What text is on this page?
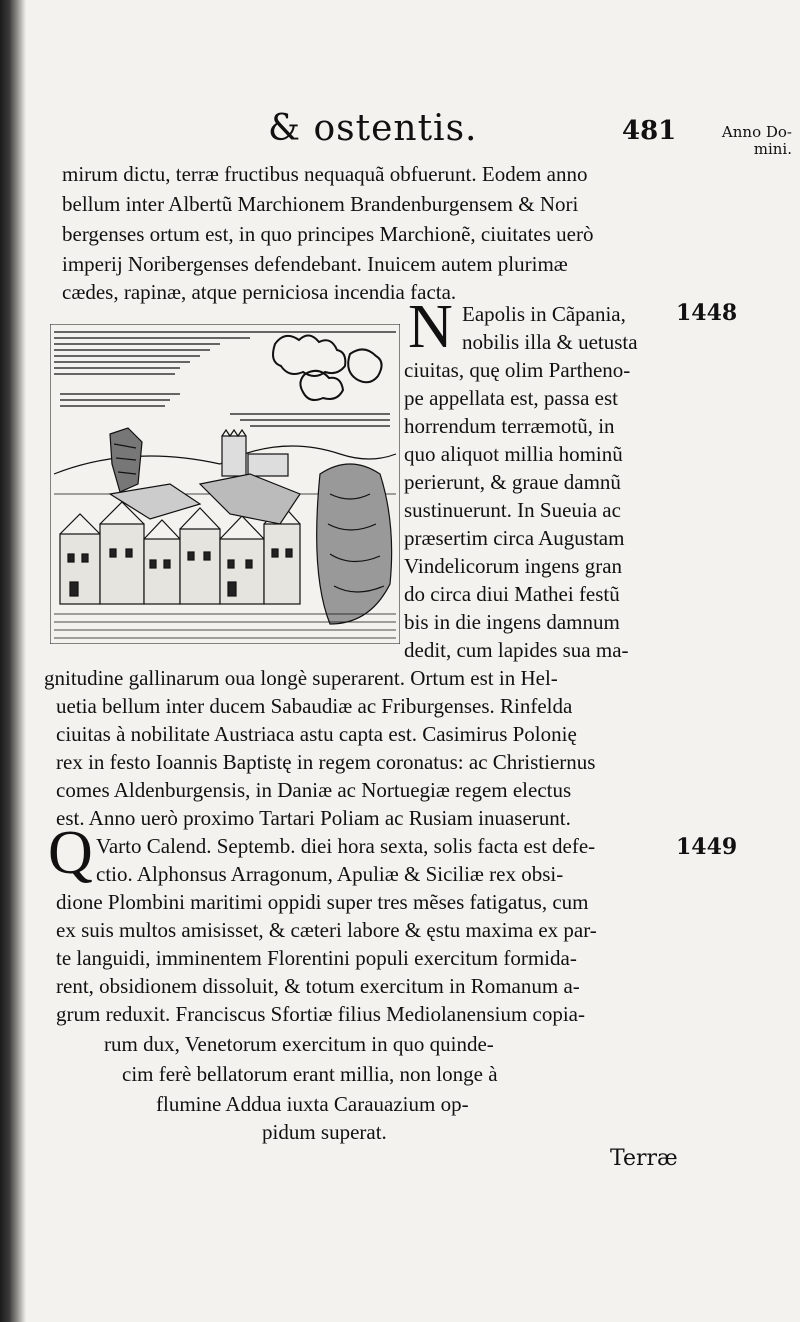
& ostentis.	481	Anno Do-
mini.
mirum dictu, terræ fructibus nequaquã obfuerunt. Eodem anno
bellum inter Albertũ Marchionem Brandenburgensem & Nori
bergenses ortum est, in quo principes Marchionẽ, ciuitates uerò
imperij Noribergenses defendebant. Inuicem autem plurimæ
cædes, rapinæ, atque perniciosa incendia facta.
1448
N Eapolis in Cãpania,
nobilis illa & uetusta
ciuitas, quę olim Partheno-
pe appellata est, passa est
horrendum terræmotũ, in
quo aliquot millia hominũ
perierunt, & graue damnũ
sustinuerunt. In Sueuia ac
præsertim circa Augustam
Vindelicorum ingens gran
do circa diui Mathei festũ
bis in die ingens damnum
dedit, cum lapides sua ma-
gnitudine gallinarum oua longè superarent. Ortum est in Hel-
uetia bellum inter ducem Sabaudiæ ac Friburgenses. Rinfelda
ciuitas à nobilitate Austriaca astu capta est. Casimirus Polonię
rex in festo Ioannis Baptistę in regem coronatus: ac Christiernus
comes Aldenburgensis, in Daniæ ac Nortuegiæ regem electus
est. Anno uerò proximo Tartari Poliam ac Rusiam inuaserunt.
1449
Q Varto Calend. Septemb. diei hora sexta, solis facta est defe-
ctio. Alphonsus Arragonum, Apuliæ & Siciliæ rex obsi-
dione Plombini maritimi oppidi super tres mẽses fatigatus, cum
ex suis multos amisisset, & cæteri labore & ęstu maxima ex par-
te languidi, imminentem Florentini populi exercitum formida-
rent, obsidionem dissoluit, & totum exercitum in Romanum a-
grum reduxit. Franciscus Sfortiæ filius Mediolanensium copia-
rum dux, Venetorum exercitum in quo quinde-
cim ferè bellatorum erant millia, non longe à
flumine Addua iuxta Carauazium op-
pidum superat.
Terræ
